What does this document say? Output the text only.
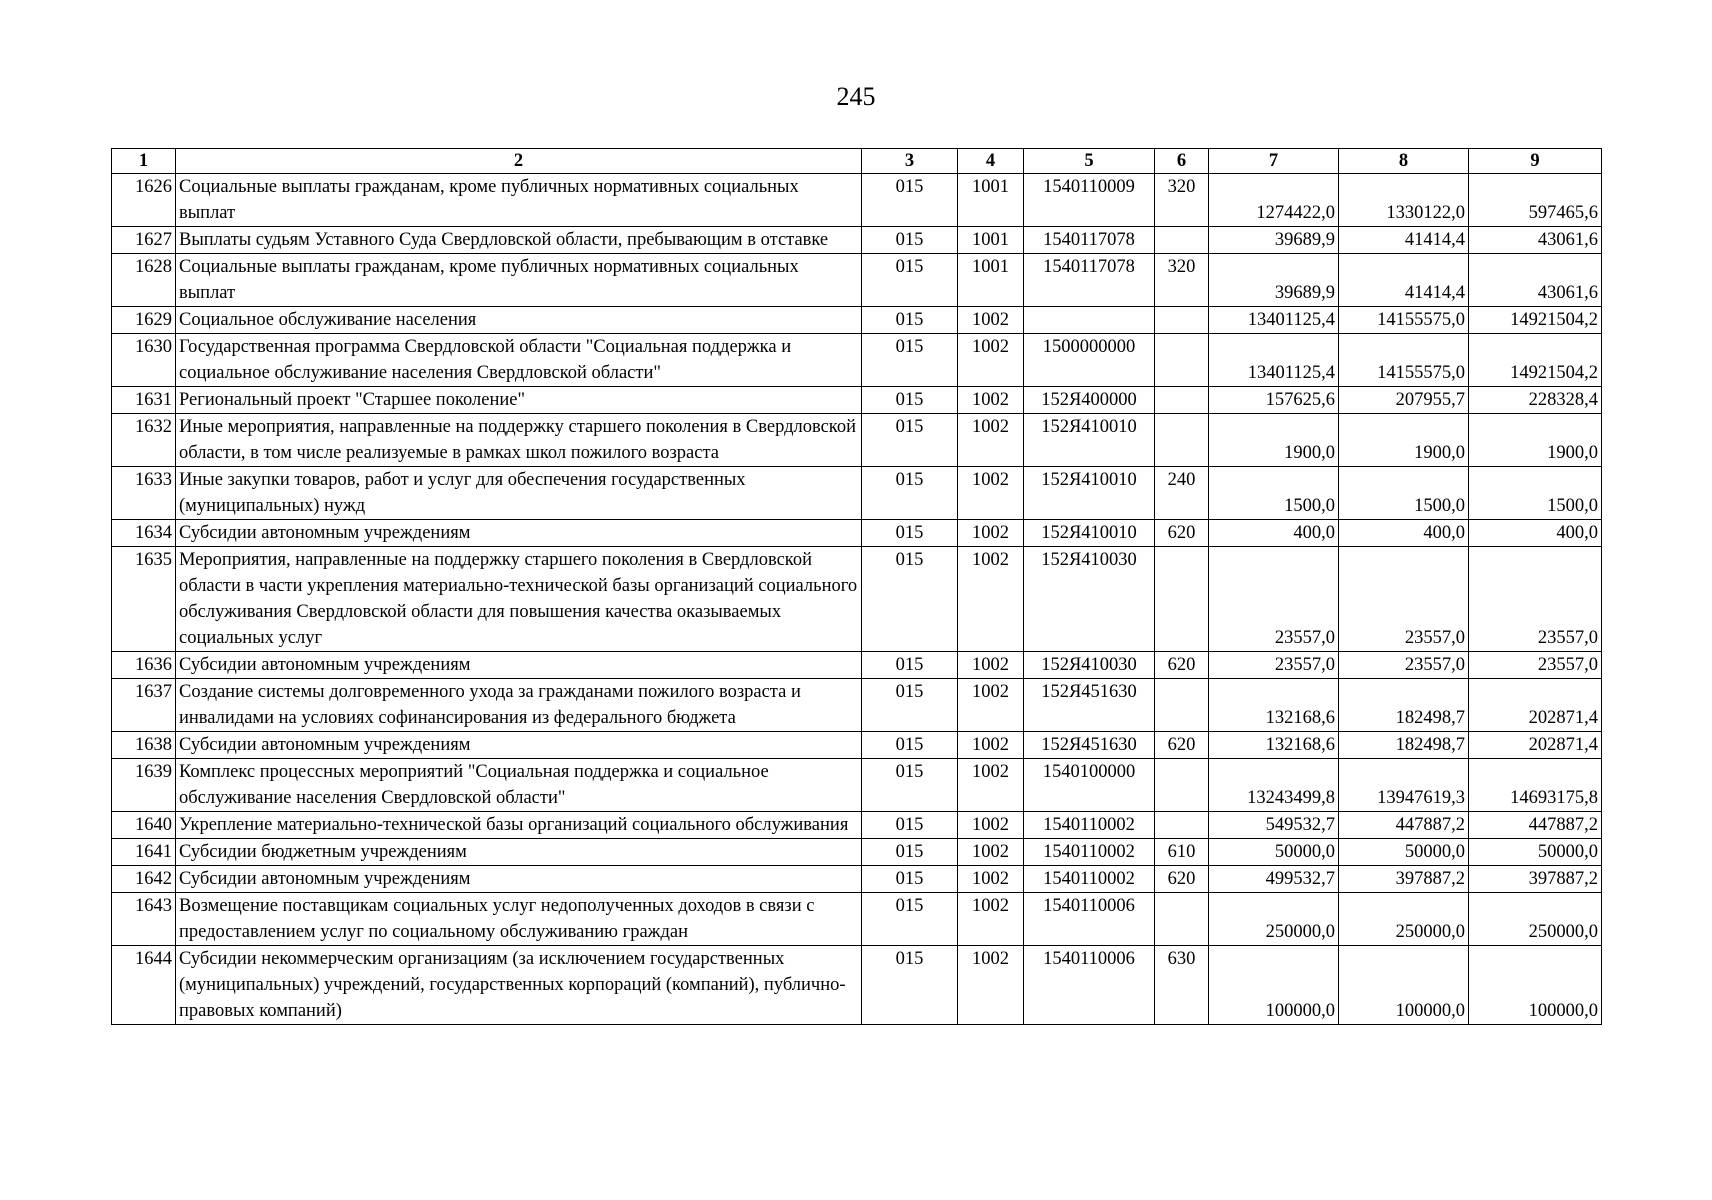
245
1	2	3	4	5	6	7	8	9
1626	Социальные выплаты гражданам, кроме публичных нормативных социальных выплат	015	1001	1540110009	320	1274422,0	1330122,0	597465,6
1627	Выплаты судьям Уставного Суда Свердловской области, пребывающим в отставке	015	1001	1540117078		39689,9	41414,4	43061,6
1628	Социальные выплаты гражданам, кроме публичных нормативных социальных выплат	015	1001	1540117078	320	39689,9	41414,4	43061,6
1629	Социальное обслуживание населения	015	1002			13401125,4	14155575,0	14921504,2
1630	Государственная программа Свердловской области "Социальная поддержка и социальное обслуживание населения Свердловской области"	015	1002	1500000000		13401125,4	14155575,0	14921504,2
1631	Региональный проект "Старшее поколение"	015	1002	152Я400000		157625,6	207955,7	228328,4
1632	Иные мероприятия, направленные на поддержку старшего поколения в Свердловской области, в том числе реализуемые в рамках школ пожилого возраста	015	1002	152Я410010		1900,0	1900,0	1900,0
1633	Иные закупки товаров, работ и услуг для обеспечения государственных (муниципальных) нужд	015	1002	152Я410010	240	1500,0	1500,0	1500,0
1634	Субсидии автономным учреждениям	015	1002	152Я410010	620	400,0	400,0	400,0
1635	Мероприятия, направленные на поддержку старшего поколения в Свердловской области в части укрепления материально-технической базы организаций социального обслуживания Свердловской области для повышения качества оказываемых социальных услуг	015	1002	152Я410030		23557,0	23557,0	23557,0
1636	Субсидии автономным учреждениям	015	1002	152Я410030	620	23557,0	23557,0	23557,0
1637	Создание системы долговременного ухода за гражданами пожилого возраста и инвалидами на условиях софинансирования из федерального бюджета	015	1002	152Я451630		132168,6	182498,7	202871,4
1638	Субсидии автономным учреждениям	015	1002	152Я451630	620	132168,6	182498,7	202871,4
1639	Комплекс процессных мероприятий "Социальная поддержка и социальное обслуживание населения Свердловской области"	015	1002	1540100000		13243499,8	13947619,3	14693175,8
1640	Укрепление материально-технической базы организаций социального обслуживания	015	1002	1540110002		549532,7	447887,2	447887,2
1641	Субсидии бюджетным учреждениям	015	1002	1540110002	610	50000,0	50000,0	50000,0
1642	Субсидии автономным учреждениям	015	1002	1540110002	620	499532,7	397887,2	397887,2
1643	Возмещение поставщикам социальных услуг недополученных доходов в связи с предоставлением услуг по социальному обслуживанию граждан	015	1002	1540110006		250000,0	250000,0	250000,0
1644	Субсидии некоммерческим организациям (за исключением государственных (муниципальных) учреждений, государственных корпораций (компаний), публично-правовых компаний)	015	1002	1540110006	630	100000,0	100000,0	100000,0
